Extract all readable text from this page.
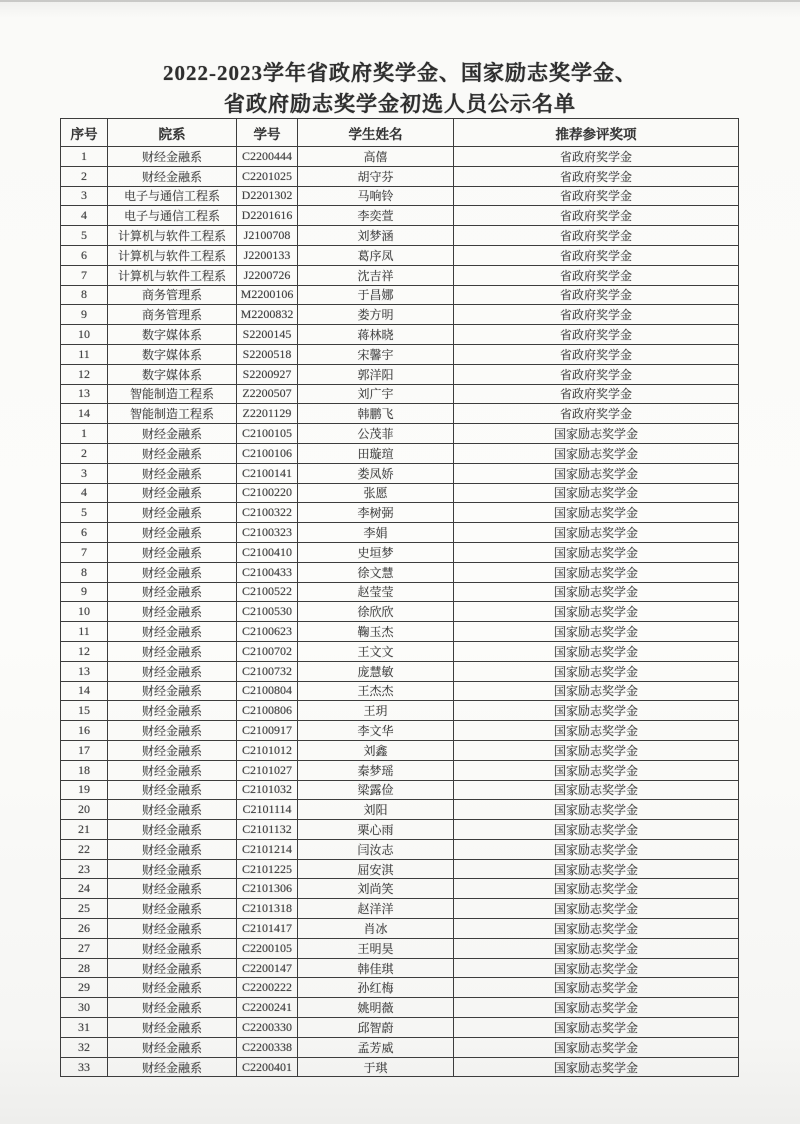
2022-2023学年省政府奖学金、国家励志奖学金、
省政府励志奖学金初选人员公示名单
序号	院系	学号	学生姓名	推荐参评奖项
1	财经金融系	C2200444	高僖	省政府奖学金
2	财经金融系	C2201025	胡守芬	省政府奖学金
3	电子与通信工程系	D2201302	马响铃	省政府奖学金
4	电子与通信工程系	D2201616	李奕萱	省政府奖学金
5	计算机与软件工程系	J2100708	刘梦涵	省政府奖学金
6	计算机与软件工程系	J2200133	葛序凤	省政府奖学金
7	计算机与软件工程系	J2200726	沈吉祥	省政府奖学金
8	商务管理系	M2200106	于昌娜	省政府奖学金
9	商务管理系	M2200832	娄方明	省政府奖学金
10	数字媒体系	S2200145	蒋林晓	省政府奖学金
11	数字媒体系	S2200518	宋馨宇	省政府奖学金
12	数字媒体系	S2200927	郭洋阳	省政府奖学金
13	智能制造工程系	Z2200507	刘广宇	省政府奖学金
14	智能制造工程系	Z2201129	韩鹏飞	省政府奖学金
1	财经金融系	C2100105	公茂菲	国家励志奖学金
2	财经金融系	C2100106	田璇瑄	国家励志奖学金
3	财经金融系	C2100141	娄凤娇	国家励志奖学金
4	财经金融系	C2100220	张愿	国家励志奖学金
5	财经金融系	C2100322	李树弼	国家励志奖学金
6	财经金融系	C2100323	李娟	国家励志奖学金
7	财经金融系	C2100410	史垣梦	国家励志奖学金
8	财经金融系	C2100433	徐文慧	国家励志奖学金
9	财经金融系	C2100522	赵莹莹	国家励志奖学金
10	财经金融系	C2100530	徐欣欣	国家励志奖学金
11	财经金融系	C2100623	鞠玉杰	国家励志奖学金
12	财经金融系	C2100702	王文文	国家励志奖学金
13	财经金融系	C2100732	庞慧敏	国家励志奖学金
14	财经金融系	C2100804	王杰杰	国家励志奖学金
15	财经金融系	C2100806	王玥	国家励志奖学金
16	财经金融系	C2100917	李文华	国家励志奖学金
17	财经金融系	C2101012	刘鑫	国家励志奖学金
18	财经金融系	C2101027	秦梦瑶	国家励志奖学金
19	财经金融系	C2101032	梁露俭	国家励志奖学金
20	财经金融系	C2101114	刘阳	国家励志奖学金
21	财经金融系	C2101132	栗心雨	国家励志奖学金
22	财经金融系	C2101214	闫汝志	国家励志奖学金
23	财经金融系	C2101225	屈安淇	国家励志奖学金
24	财经金融系	C2101306	刘尚笑	国家励志奖学金
25	财经金融系	C2101318	赵洋洋	国家励志奖学金
26	财经金融系	C2101417	肖冰	国家励志奖学金
27	财经金融系	C2200105	王明昊	国家励志奖学金
28	财经金融系	C2200147	韩佳琪	国家励志奖学金
29	财经金融系	C2200222	孙红梅	国家励志奖学金
30	财经金融系	C2200241	姚明薇	国家励志奖学金
31	财经金融系	C2200330	邱智蔚	国家励志奖学金
32	财经金融系	C2200338	孟芳威	国家励志奖学金
33	财经金融系	C2200401	于琪	国家励志奖学金
